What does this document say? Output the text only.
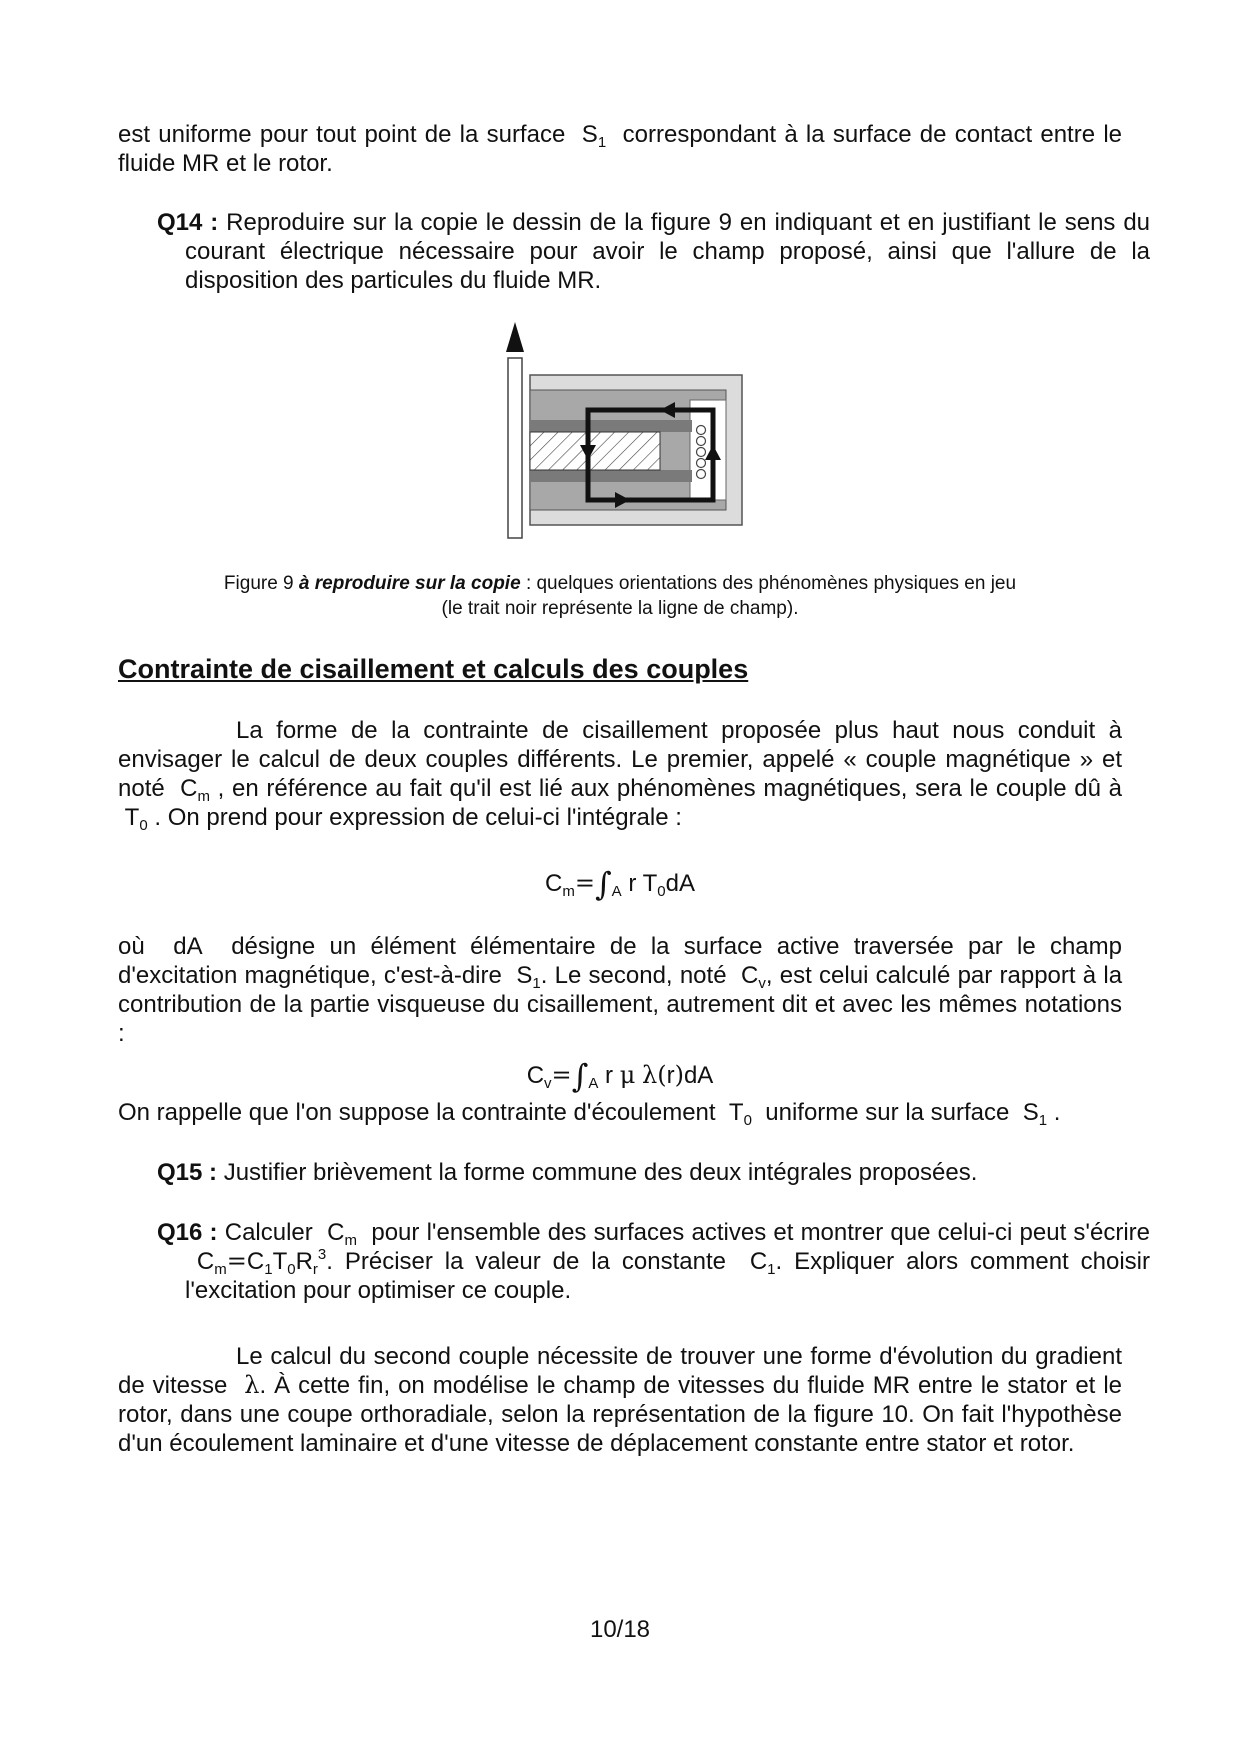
est uniforme pour tout point de la surface $S_1$ correspondant à la surface de contact entre le fluide MR et le rotor.

Q14 : Reproduire sur la copie le dessin de la figure 9 en indiquant et en justifiant le sens du courant électrique nécessaire pour avoir le champ proposé, ainsi que l'allure de la disposition des particules du fluide MR.

Figure 9 à reproduire sur la copie : quelques orientations des phénomènes physiques en jeu
(le trait noir représente la ligne de champ).
Contrainte de cisaillement et calculs des couples

La forme de la contrainte de cisaillement proposée plus haut nous conduit à envisager le calcul de deux couples différents. Le premier, appelé « couple magnétique » et noté $C_m$ , en référence au fait qu'il est lié aux phénomènes magnétiques, sera le couple dû à  $T_0$ . On prend pour expression de celui-ci l'intégrale :

$C_m=\int_A$ r $T_0dA$

où dA désigne un élément élémentaire de la surface active traversée par le champ d'excitation magnétique, c'est-à-dire $S_1$. Le second, noté $C_v$, est celui calculé par rapport à la contribution de la partie visqueuse du cisaillement, autrement dit et avec les mêmes notations :

$C_v=\int_A$ r μ λ(r)dA

On rappelle que l'on suppose la contrainte d'écoulement $T_0$ uniforme sur la surface $S_1$ .

Q15 : Justifier brièvement la forme commune des deux intégrales proposées.

Q16 : Calculer $C_m$ pour l'ensemble des surfaces actives et montrer que celui-ci peut s'écrire  $C_m=C_1T_0R_r^3$. Préciser la valeur de la constante $C_1$. Expliquer alors comment choisir l'excitation pour optimiser ce couple.

Le calcul du second couple nécessite de trouver une forme d'évolution du gradient de vitesse λ. À cette fin, on modélise le champ de vitesses du fluide MR entre le stator et le rotor, dans une coupe orthoradiale, selon la représentation de la figure 10. On fait l'hypothèse d'un écoulement laminaire et d'une vitesse de déplacement constante entre stator et rotor.

10/18
